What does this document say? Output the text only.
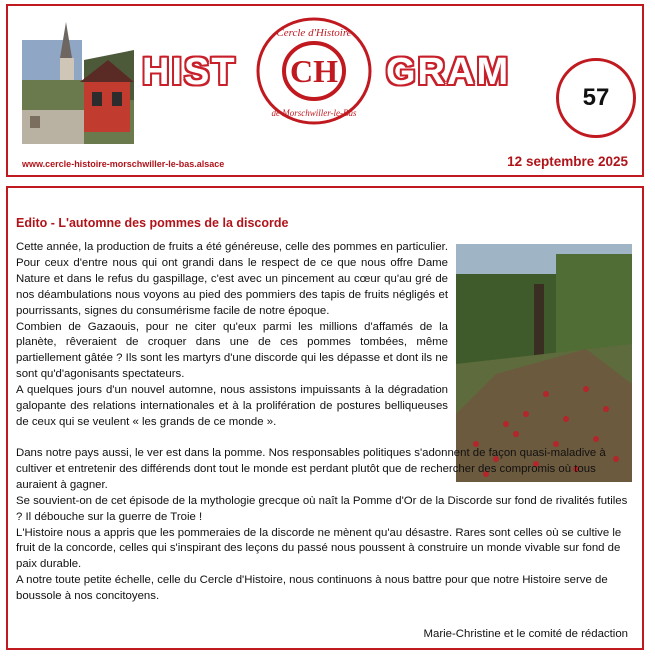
HIST CH
Cercle d'Histoire
de Morschwiller-le-Bas
GRAM
57
www.cercle-histoire-morschwiller-le-bas.alsace	12 septembre 2025
Edito - L'automne des pommes de la discorde

Cette année, la production de fruits a été généreuse, celle des pommes en particulier. Pour ceux d'entre nous qui ont grandi dans le respect de ce que nous offre Dame Nature et dans le refus du gaspillage, c'est avec un pincement au cœur qu'au gré de nos déambulations nous voyons au pied des pommiers des tapis de fruits négligés et pourrissants, signes du consumérisme facile de notre époque.

Combien de Gazaouis, pour ne citer qu'eux parmi les millions d'affamés de la planète, rêveraient de croquer dans une de ces pommes tombées, même partiellement gâtée ? Ils sont les martyrs d'une discorde qui les dépasse et dont ils ne sont qu'd'agonisants spectateurs.

A quelques jours d'un nouvel automne, nous assistons impuissants à la dégradation galopante des relations internationales et à la prolifération de postures belliqueuses de ceux qui se veulent « les grands de ce monde ».

Dans notre pays aussi, le ver est dans la pomme. Nos responsables politiques s'adonnent de façon quasi-maladive à cultiver et entretenir des différends dont tout le monde est perdant plutôt que de rechercher des compromis où tous auraient à gagner.

Se souvient-on de cet épisode de la mythologie grecque où naît la Pomme d'Or de la Discorde sur fond de rivalités futiles ? Il débouche sur la guerre de Troie !

L'Histoire nous a appris que les pommeraies de la discorde ne mènent qu'au désastre. Rares sont celles où se cultive le fruit de la concorde, celles qui s'inspirant des leçons du passé nous poussent à construire un monde vivable sur fond de paix durable.

A notre toute petite échelle, celle du Cercle d'Histoire, nous continuons à nous battre pour que notre Histoire serve de boussole à nos concitoyens.

Marie-Christine et le comité de rédaction
